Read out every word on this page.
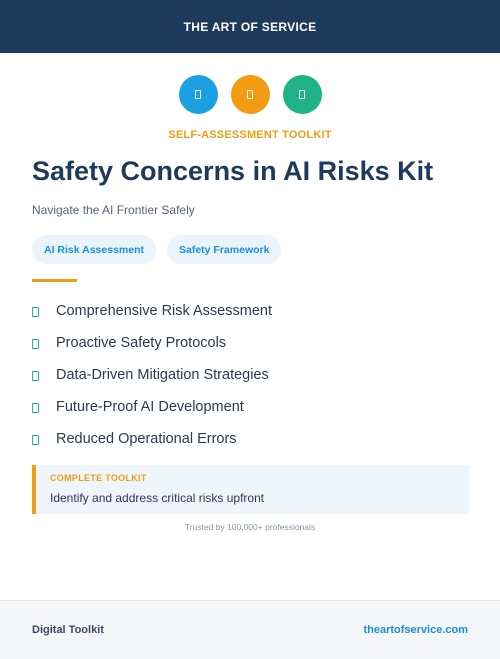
THE ART OF SERVICE
SELF-ASSESSMENT TOOLKIT
Safety Concerns in AI Risks Kit
Navigate the AI Frontier Safely
AI Risk Assessment	Safety Framework
Comprehensive Risk Assessment
Proactive Safety Protocols
Data-Driven Mitigation Strategies
Future-Proof AI Development
Reduced Operational Errors
COMPLETE TOOLKIT
Identify and address critical risks upfront
Trusted by 100,000+ professionals
Digital Toolkit	theartofservice.com
